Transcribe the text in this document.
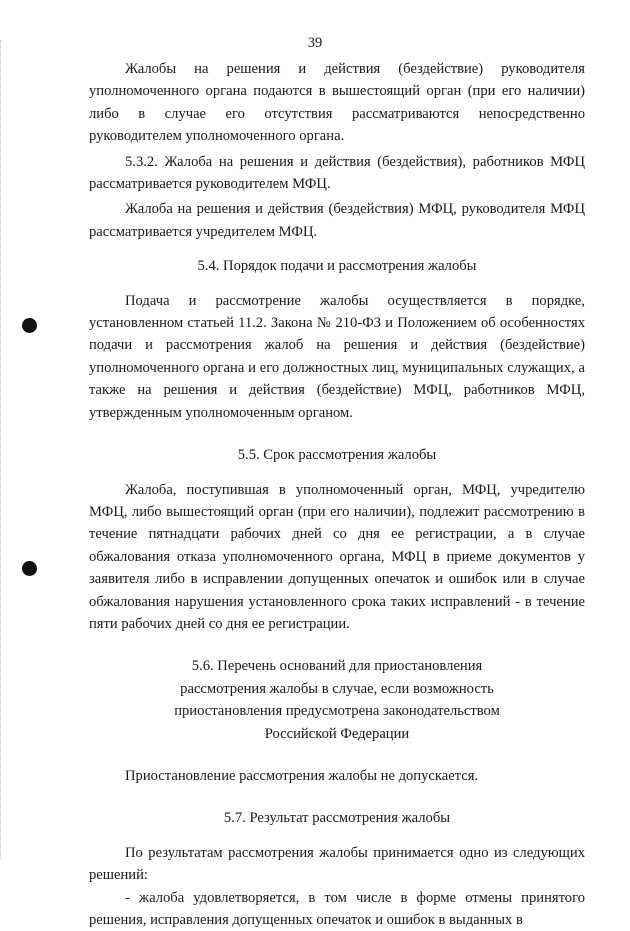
39

Жалобы на решения и действия (бездействие) руководителя уполномоченного органа подаются в вышестоящий орган (при его наличии) либо в случае его отсутствия рассматриваются непосредственно руководителем уполномоченного органа.

5.3.2. Жалоба на решения и действия (бездействия), работников МФЦ рассматривается руководителем МФЦ.

Жалоба на решения и действия (бездействия) МФЦ, руководителя МФЦ рассматривается учредителем МФЦ.

5.4. Порядок подачи и рассмотрения жалобы

Подача и рассмотрение жалобы осуществляется в порядке, установленном статьей 11.2. Закона № 210-ФЗ и Положением об особенностях подачи и рассмотрения жалоб на решения и действия (бездействие) уполномоченного органа и его должностных лиц, муниципальных служащих, а также на решения и действия (бездействие) МФЦ, работников МФЦ, утвержденным уполномоченным органом.

5.5. Срок рассмотрения жалобы

Жалоба, поступившая в уполномоченный орган, МФЦ, учредителю МФЦ, либо вышестоящий орган (при его наличии), подлежит рассмотрению в течение пятнадцати рабочих дней со дня ее регистрации, а в случае обжалования отказа уполномоченного органа, МФЦ в приеме документов у заявителя либо в исправлении допущенных опечаток и ошибок или в случае обжалования нарушения установленного срока таких исправлений - в течение пяти рабочих дней со дня ее регистрации.

5.6. Перечень оснований для приостановления
рассмотрения жалобы в случае, если возможность
приостановления предусмотрена законодательством
Российской Федерации

Приостановление рассмотрения жалобы не допускается.

5.7. Результат рассмотрения жалобы

По результатам рассмотрения жалобы принимается одно из следующих решений:

- жалоба удовлетворяется, в том числе в форме отмены принятого решения, исправления допущенных опечаток и ошибок в выданных в
